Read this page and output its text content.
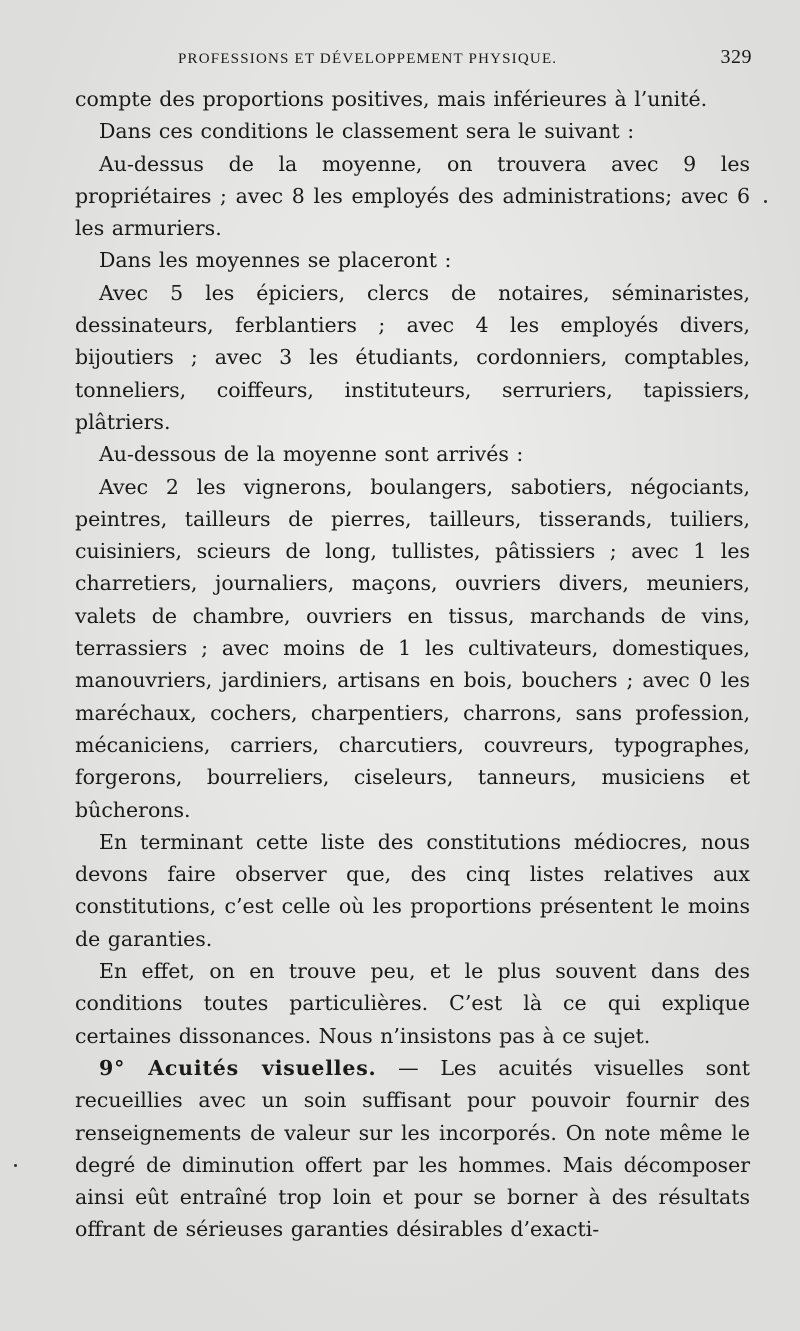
PROFESSIONS ET DÉVELOPPEMENT PHYSIQUE.	329

compte des proportions positives, mais inférieures à l’unité.

Dans ces conditions le classement sera le suivant :

Au-dessus de la moyenne, on trouvera avec 9 les propriétaires ; avec 8 les employés des administrations; avec 6 les armuriers.

Dans les moyennes se placeront :

Avec 5 les épiciers, clercs de notaires, séminaristes, dessinateurs, ferblantiers ; avec 4 les employés divers, bijoutiers ; avec 3 les étudiants, cordonniers, comptables, tonneliers, coiffeurs, instituteurs, serruriers, tapissiers, plâtriers.

Au-dessous de la moyenne sont arrivés :

Avec 2 les vignerons, boulangers, sabotiers, négociants, peintres, tailleurs de pierres, tailleurs, tisserands, tuiliers, cuisiniers, scieurs de long, tullistes, pâtissiers ; avec 1 les charretiers, journaliers, maçons, ouvriers divers, meuniers, valets de chambre, ouvriers en tissus, marchands de vins, terrassiers ; avec moins de 1 les cultivateurs, domestiques, manouvriers, jardiniers, artisans en bois, bouchers ; avec 0 les maréchaux, cochers, charpentiers, charrons, sans profession, mécaniciens, carriers, charcutiers, couvreurs, typographes, forgerons, bourreliers, ciseleurs, tanneurs, musiciens et bûcherons.

En terminant cette liste des constitutions médiocres, nous devons faire observer que, des cinq listes relatives aux constitutions, c’est celle où les proportions présentent le moins de garanties.

En effet, on en trouve peu, et le plus souvent dans des conditions toutes particulières. C’est là ce qui explique certaines dissonances. Nous n’insistons pas à ce sujet.

9° Acuités visuelles. — Les acuités visuelles sont recueillies avec un soin suffisant pour pouvoir fournir des renseignements de valeur sur les incorporés. On note même le degré de diminution offert par les hommes. Mais décomposer ainsi eût entraîné trop loin et pour se borner à des résultats offrant de sérieuses garanties désirables d’exacti-
